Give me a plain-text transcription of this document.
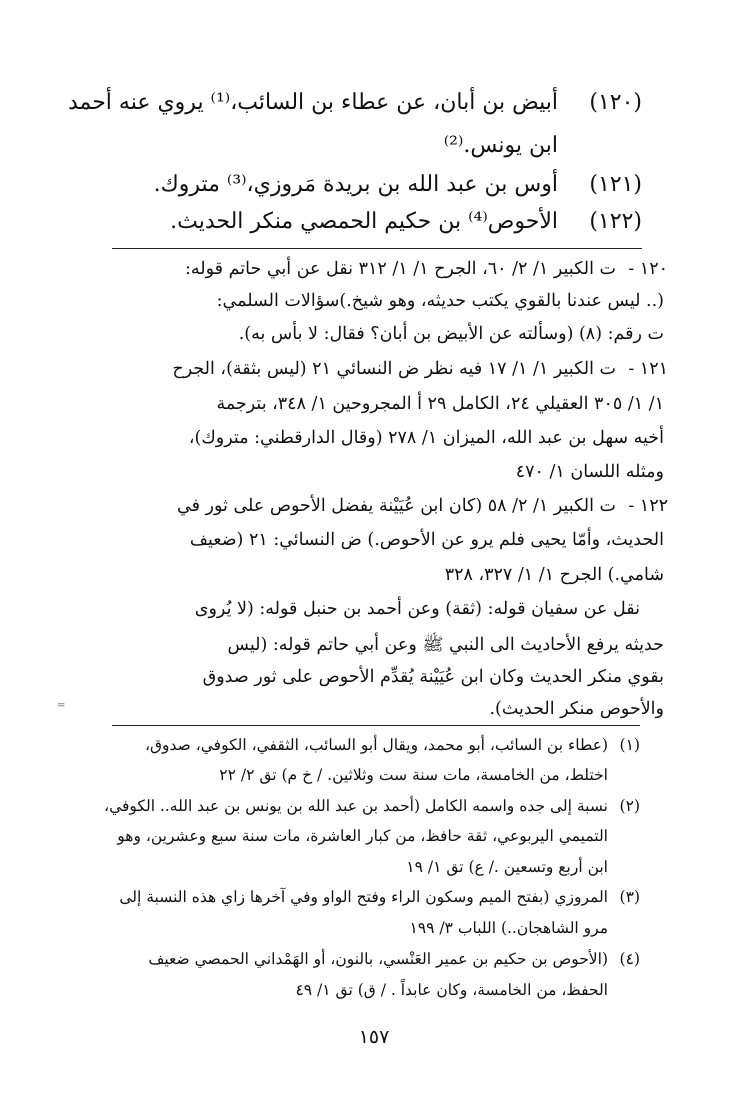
(١٢٠)
أبيض بن أبان، عن عطاء بن السائب،⁽¹⁾ يروي عنه أحمد
ابن يونس.⁽²⁾
(١٢١)
أوس بن عبد الله بن بريدة مَروزي،⁽³⁾ متروك.
(١٢٢)
الأحوص⁽⁴⁾ بن حكيم الحمصي منكر الحديث.
١٢٠ -
ت الكبير ١/ ٢/ ٦٠، الجرح ١/ ١/ ٣١٢ نقل عن أبي حاتم قوله:
(.. ليس عندنا بالقوي يكتب حديثه، وهو شيخ.)سؤالات السلمي:
ت رقم: (٨) (وسألته عن الأبيض بن أبان؟ فقال: لا بأس به).
١٢١ -
ت الكبير ١/ ١/ ١٧ فيه نظر ض النسائي ٢١ (ليس بثقة)، الجرح
١/ ١/ ٣٠٥ العقيلي ٢٤، الكامل ٢٩ أ المجروحين ١/ ٣٤٨، بترجمة
أخيه سهل بن عبد الله، الميزان ١/ ٢٧٨ (وقال الدارقطني: متروك)،
ومثله اللسان ١/ ٤٧٠
١٢٢ -
ت الكبير ١/ ٢/ ٥٨ (كان ابن عُيَيْنة يفضل الأحوص على ثور في
الحديث، وأمّا يحيى فلم يرو عن الأحوص.) ض النسائي: ٢١ (ضعيف
شامي.) الجرح ١/ ١/ ٣٢٧، ٣٢٨
نقل عن سفيان قوله: (ثقة) وعن أحمد بن حنبل قوله: (لا يُروى
حديثه يرفع الأحاديث الى النبي ﷺ وعن أبي حاتم قوله: (ليس
بقوي منكر الحديث وكان ابن عُيَيْنة يُقدِّم الأحوص على ثور صدوق
والأحوص منكر الحديث).
⁼
(١)
(عطاء بن السائب، أبو محمد، ويقال أبو السائب، الثقفي، الكوفي، صدوق،
اختلط، من الخامسة، مات سنة ست وثلاثين. / خ م) تق ٢/ ٢٢
(٢)
نسبة إلى جده واسمه الكامل (أحمد بن عبد الله بن يونس بن عبد الله.. الكوفي،
التميمي اليربوعي، ثقة حافظ، من كبار العاشرة، مات سنة سبع وعشرين، وهو
ابن أربع وتسعين ./ ع) تق ١/ ١٩
(٣)
المروزي (بفتح الميم وسكون الراء وفتح الواو وفي آخرها زاي هذه النسبة إلى
مرو الشاهجان..) اللباب ٣/ ١٩٩
(٤)
(الأحوص بن حكيم بن عمير العَنْسي، بالنون، أو الهَمْداني الحمصي ضعيف
الحفظ، من الخامسة، وكان عابداً . / ق) تق ١/ ٤٩
١٥٧
